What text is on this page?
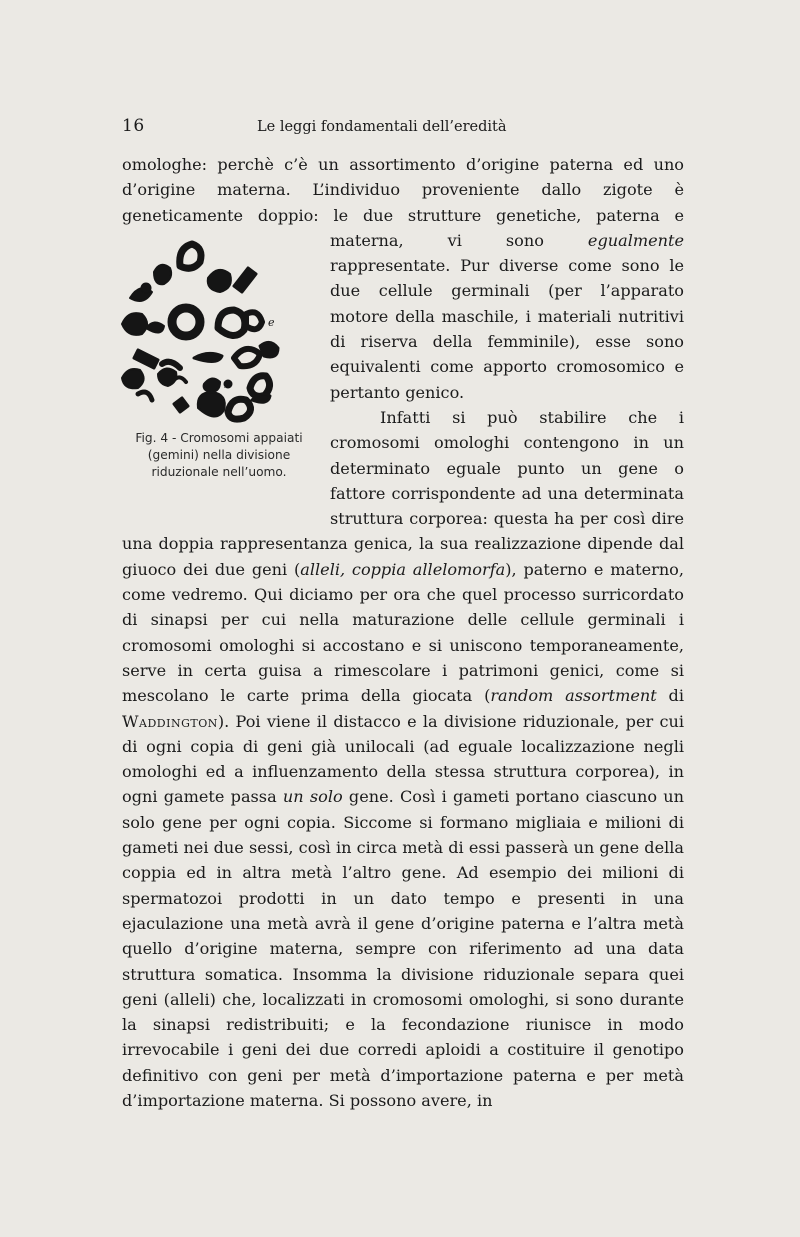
16	Le leggi fondamentali dell’eredità

omologhe: perchè c’è un assortimento d’origine paterna ed uno d’origine materna. L’individuo proveniente dallo zigote è geneticamente doppio: le due strutture genetiche, paterna e materna, vi sono
e
x
Fig. 4 - Cromosomi appaiati (gemini) nella divisione riduzionale nell’uomo.
egualmente rappresentate. Pur diverse come sono le due cellule germinali (per l’apparato motore della maschile, i materiali nutritivi di riserva della femminile), esse sono equivalenti come apporto cromosomico e pertanto genico.

Infatti si può stabilire che i cromosomi omologhi contengono in un determinato eguale punto un gene o fattore corrispondente ad una determinata struttura corporea: questa ha per così dire una doppia rappresentanza genica, la sua realizzazione dipende dal giuoco dei due geni (alleli, coppia allelomorfa), paterno e materno, come vedremo. Qui diciamo per ora che quel processo surricordato di sinapsi per cui nella maturazione delle cellule germinali i cromosomi omologhi si accostano e si uniscono temporaneamente, serve in certa guisa a rimescolare i patrimoni genici, come si mescolano le carte prima della giocata (random assortment di Waddington). Poi viene il distacco e la divisione riduzionale, per cui di ogni copia di geni già unilocali (ad eguale localizzazione negli omologhi ed a influenzamento della stessa struttura corporea), in ogni gamete passa un solo gene. Così i gameti portano ciascuno un solo gene per ogni copia. Siccome si formano migliaia e milioni di gameti nei due sessi, così in circa metà di essi passerà un gene della coppia ed in altra metà l’altro gene. Ad esempio dei milioni di spermatozoi prodotti in un dato tempo e presenti in una ejaculazione una metà avrà il gene d’origine paterna e l’altra metà quello d’origine materna, sempre con riferimento ad una data struttura somatica. Insomma la divisione riduzionale separa quei geni (alleli) che, localizzati in cromosomi omologhi, si sono durante la sinapsi redistribuiti; e la fecondazione riunisce in modo irrevocabile i geni dei due corredi aploidi a costituire il genotipo definitivo con geni per metà d’importazione paterna e per metà d’importazione materna. Si possono avere, in
